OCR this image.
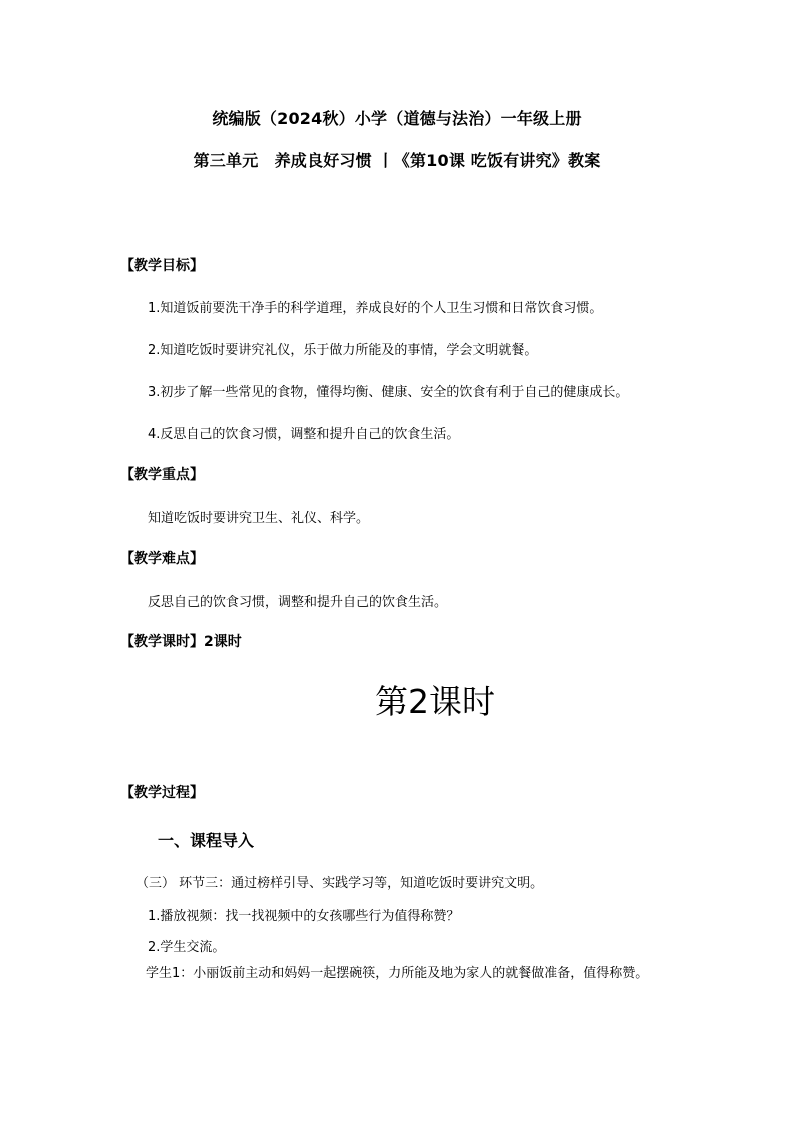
统编版（2024秋）小学（道德与法治）一年级上册
第三单元　养成良好习惯 丨《第10课 吃饭有讲究》教案
【教学目标】
1.知道饭前要洗干净手的科学道理，养成良好的个人卫生习惯和日常饮食习惯。
2.知道吃饭时要讲究礼仪，乐于做力所能及的事情，学会文明就餐。
3.初步了解一些常见的食物，懂得均衡、健康、安全的饮食有利于自己的健康成长。
4.反思自己的饮食习惯，调整和提升自己的饮食生活。
【教学重点】
知道吃饭时要讲究卫生、礼仪、科学。
【教学难点】
反思自己的饮食习惯，调整和提升自己的饮食生活。
【教学课时】2课时
第2课时
【教学过程】
一、课程导入
（三） 环节三：通过榜样引导、实践学习等，知道吃饭时要讲究文明。
1.播放视频：找一找视频中的女孩哪些行为值得称赞？
2.学生交流。
学生1：小丽饭前主动和妈妈一起摆碗筷，力所能及地为家人的就餐做准备，值得称赞。
